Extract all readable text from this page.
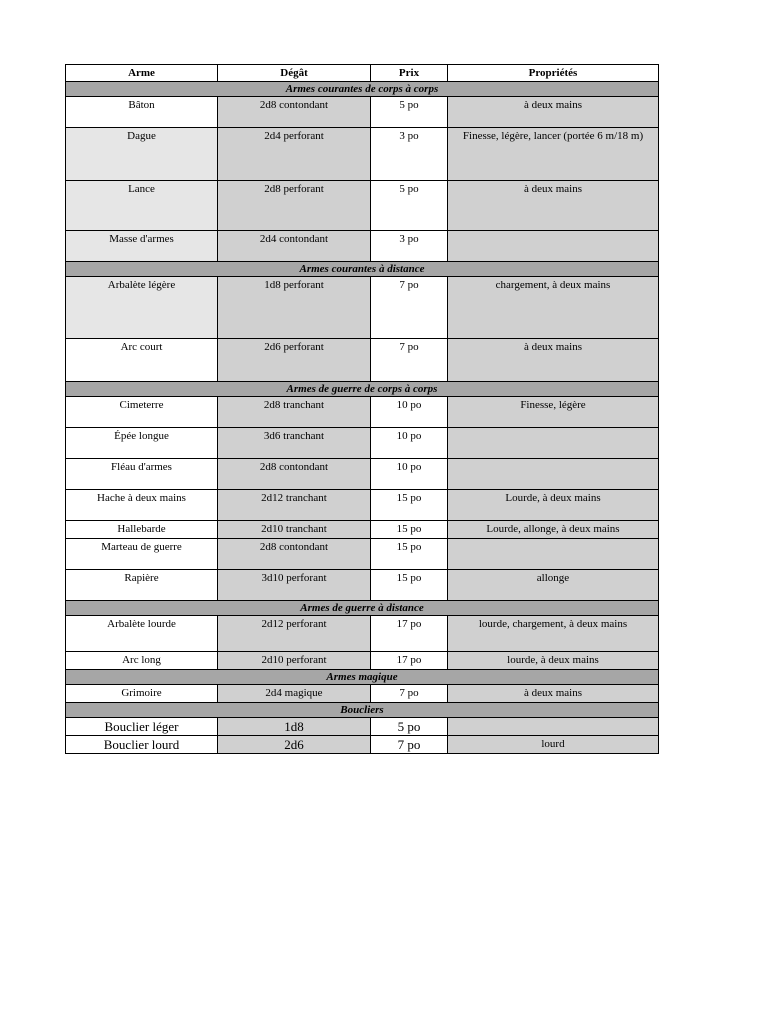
Arme	Dégât	Prix	Propriétés
Armes courantes de corps à corps			
Bâton	2d8 contondant	5 po	à deux mains
Dague	2d4 perforant	3 po	Finesse, légère, lancer (portée 6 m/18 m)
Lance	2d8 perforant	5 po	à deux mains
Masse d'armes	2d4 contondant	3 po	
Armes courantes à distance			
Arbalète légère	1d8 perforant	7 po	chargement, à deux mains
Arc court	2d6 perforant	7 po	à deux mains
Armes de guerre de corps à corps			
Cimeterre	2d8 tranchant	10 po	Finesse, légère
Épée longue	3d6 tranchant	10 po	
Fléau d'armes	2d8 contondant	10 po	
Hache à deux mains	2d12 tranchant	15 po	Lourde, à deux mains
Hallebarde	2d10 tranchant	15 po	Lourde, allonge, à deux mains
Marteau de guerre	2d8 contondant	15 po	
Rapière	3d10 perforant	15 po	allonge
Armes de guerre à distance			
Arbalète lourde	2d12 perforant	17 po	lourde, chargement, à deux mains
Arc long	2d10 perforant	17 po	lourde, à deux mains
Armes magique			
Grimoire	2d4 magique	7 po	à deux mains
Boucliers			
Bouclier léger	1d8	5 po	
Bouclier lourd	2d6	7 po	lourd
